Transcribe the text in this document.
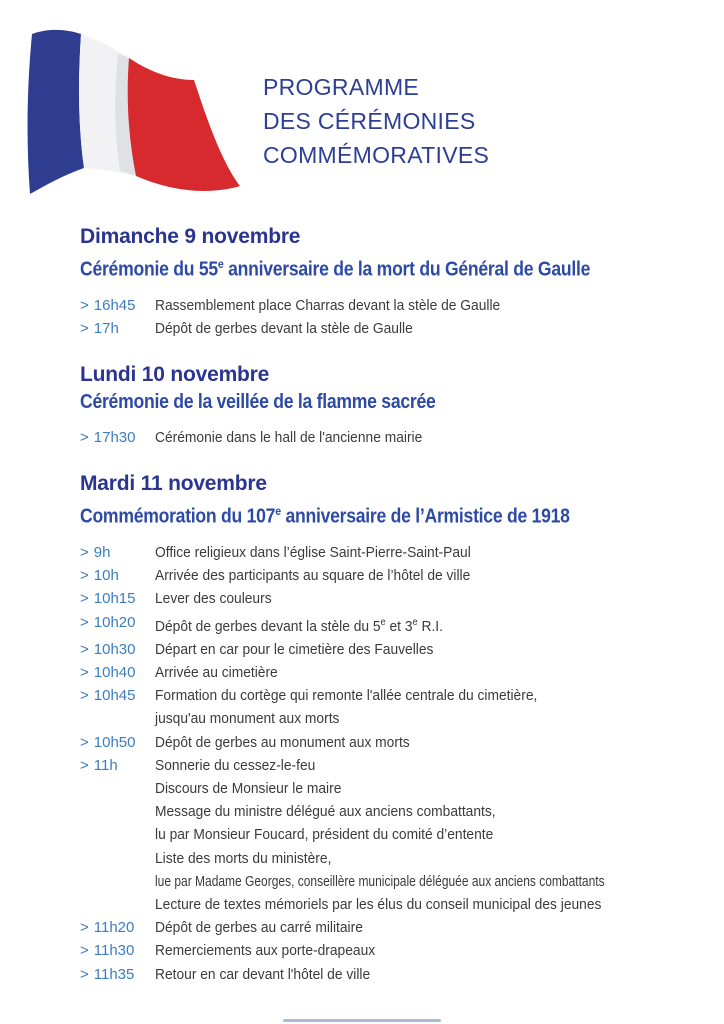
PROGRAMME
DES CÉRÉMONIES
COMMÉMORATIVES
Dimanche 9 novembre
Cérémonie du 55e anniversaire de la mort du Général de Gaulle
> 16h45 Rassemblement place Charras devant la stèle de Gaulle
> 17h Dépôt de gerbes devant la stèle de Gaulle
Lundi 10 novembre
Cérémonie de la veillée de la flamme sacrée
> 17h30 Cérémonie dans le hall de l'ancienne mairie
Mardi 11 novembre
Commémoration du 107e anniversaire de l’Armistice de 1918
> 9h	Office religieux dans l’église Saint-Pierre-Saint-Paul
> 10h Arrivée des participants au square de l’hôtel de ville
> 10h15 Lever des couleurs
> 10h20 Dépôt de gerbes devant la stèle du 5e et 3e R.I.
> 10h30 Départ en car pour le cimetière des Fauvelles
> 10h40 Arrivée au cimetière
> 10h45 Formation du cortège qui remonte l'allée centrale du cimetière,
jusqu'au monument aux morts
> 10h50 Dépôt de gerbes au monument aux morts
> 11h Sonnerie du cessez-le-feu
Discours de Monsieur le maire
Message du ministre délégué aux anciens combattants,
lu par Monsieur Foucard, président du comité d’entente
Liste des morts du ministère,
lue par Madame Georges, conseillère municipale déléguée aux anciens combattants
Lecture de textes mémoriels par les élus du conseil municipal des jeunes
> 11h20 Dépôt de gerbes au carré militaire
> 11h30 Remerciements aux porte-drapeaux
> 11h35 Retour en car devant l'hôtel de ville
